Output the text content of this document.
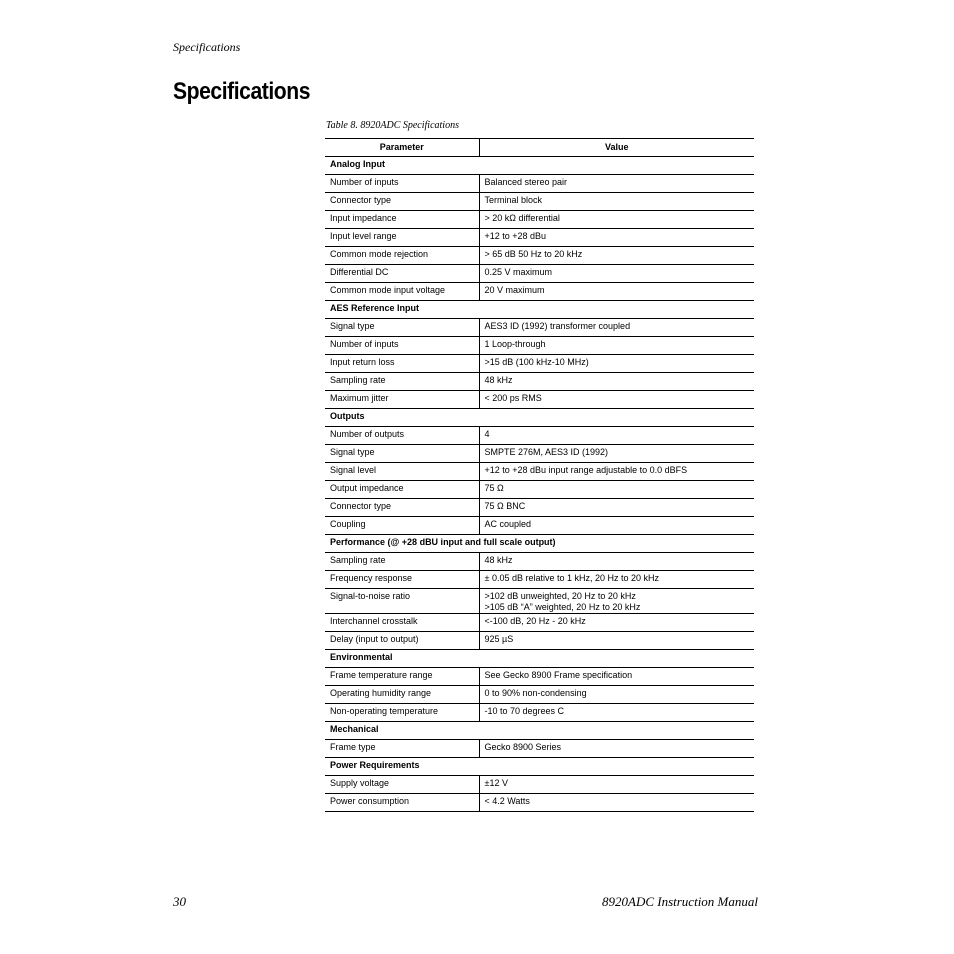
Specifications
Specifications
Table 8. 8920ADC Specifications
Parameter	Value
Analog Input	
Number of inputs	Balanced stereo pair
Connector type	Terminal block
Input impedance	> 20 kΩ differential
Input level range	+12 to +28 dBu
Common mode rejection	> 65 dB 50 Hz to 20 kHz
Differential DC	0.25 V maximum
Common mode input voltage	20 V maximum
AES Reference Input	
Signal type	AES3 ID (1992) transformer coupled
Number of inputs	1 Loop-through
Input return loss	>15 dB (100 kHz-10 MHz)
Sampling rate	48 kHz
Maximum jitter	< 200 ps RMS
Outputs	
Number of outputs	4
Signal type	SMPTE 276M, AES3 ID (1992)
Signal level	+12 to +28 dBu input range adjustable to 0.0 dBFS
Output impedance	75 Ω
Connector type	75 Ω BNC
Coupling	AC coupled
Performance (@ +28 dBU input and full scale output)	
Sampling rate	48 kHz
Frequency response	± 0.05 dB relative to 1 kHz, 20 Hz to 20 kHz
Signal-to-noise ratio	>102 dB unweighted, 20 Hz to 20 kHz
>105 dB “A” weighted, 20 Hz to 20 kHz
Interchannel crosstalk	<-100 dB, 20 Hz - 20 kHz
Delay (input to output)	925 µS
Environmental	
Frame temperature range	See Gecko 8900 Frame specification
Operating humidity range	0 to 90% non-condensing
Non-operating temperature	-10 to 70 degrees C
Mechanical	
Frame type	Gecko 8900 Series
Power Requirements	
Supply voltage	±12 V
Power consumption	< 4.2 Watts
30	8920ADC Instruction Manual
